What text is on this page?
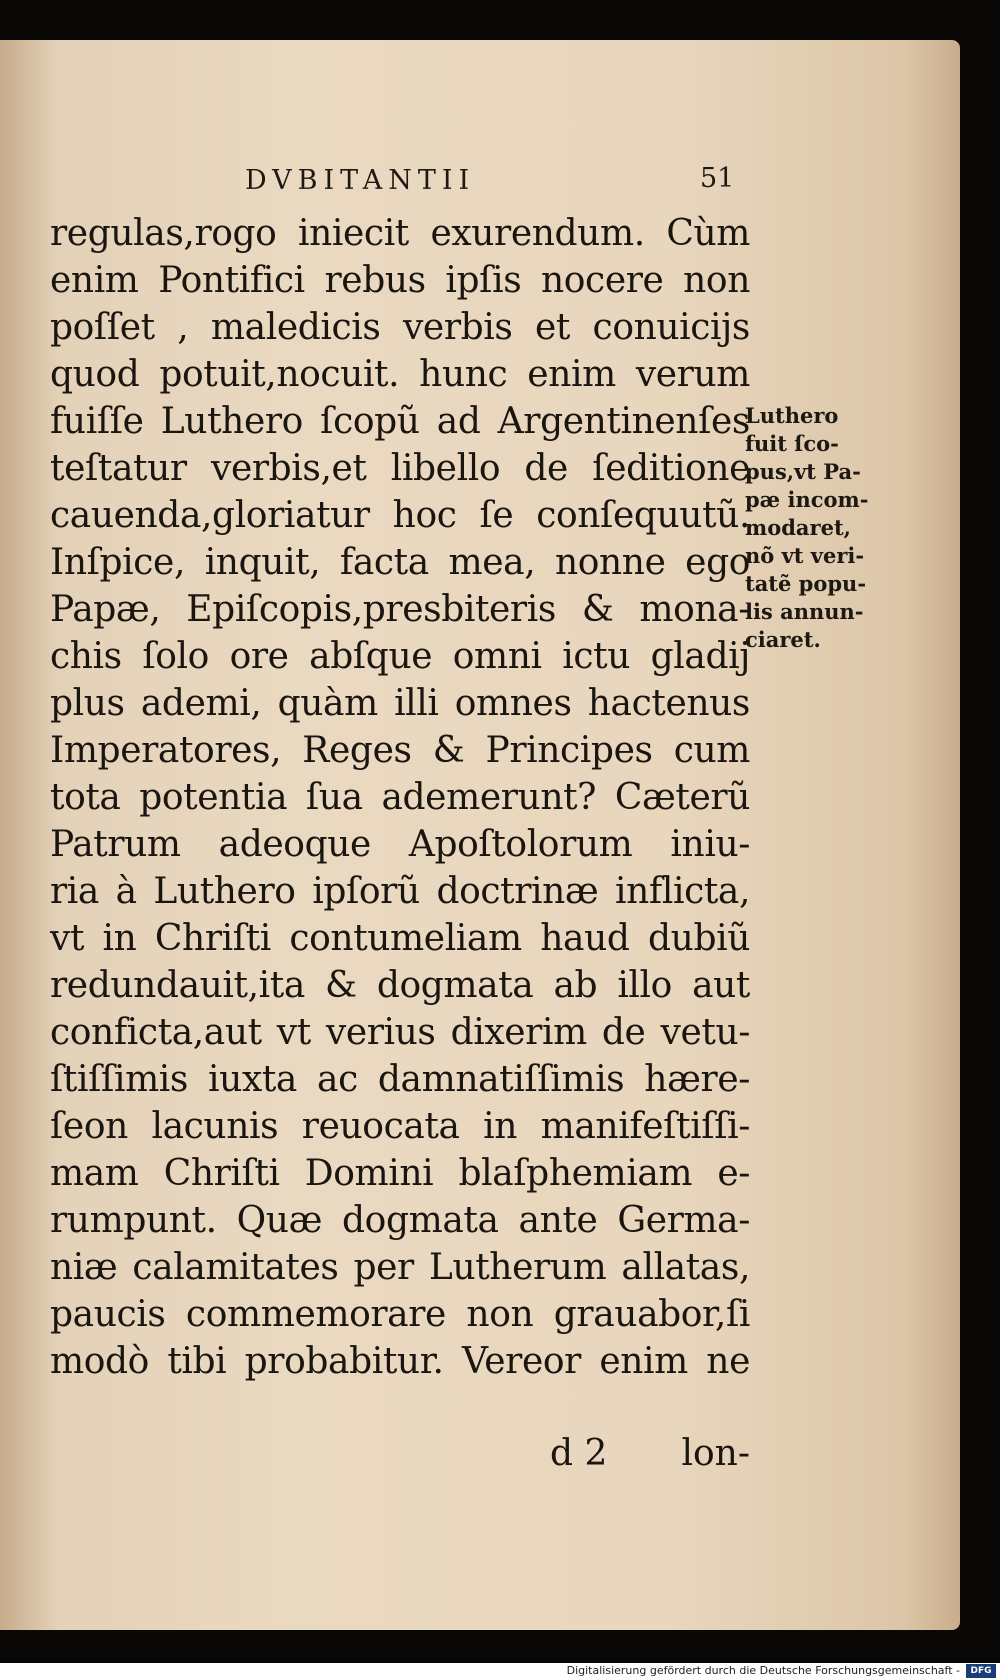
DVBITANTII	51
regulas,rogo iniecit exurendum. Cùm
enim Pontifici rebus ipſis nocere non
poſſet , maledicis verbis et conuicijs
quod potuit,nocuit. hunc enim verum
fuiſſe Luthero ſcopũ ad Argentinenſes
teſtatur verbis,et libello de ſeditione
cauenda,gloriatur hoc ſe conſequutũ.
Inſpice, inquit, facta mea, nonne ego
Papæ, Epiſcopis,presbiteris & mona-
chis ſolo ore abſque omni ictu gladij
plus ademi, quàm illi omnes hactenus
Imperatores, Reges & Principes cum
tota potentia ſua ademerunt? Cæterũ
Patrum adeoque Apoſtolorum iniu-
ria à Luthero ipſorũ doctrinæ inflicta,
vt in Chriſti contumeliam haud dubiũ
redundauit,ita & dogmata ab illo aut
conficta,aut vt verius dixerim de vetu-
ſtiſſimis iuxta ac damnatiſſimis hære-
ſeon lacunis reuocata in manifeſtiſſi-
mam Chriſti Domini blaſphemiam e-
rumpunt. Quæ dogmata ante Germa-
niæ calamitates per Lutherum allatas,
paucis commemorare non grauabor,ſi
modò tibi probabitur. Vereor enim ne
d 2 lon-
Luthero
fuit ſco-
pus,vt Pa-
pæ incom-
modaret,
nõ vt veri-
tatẽ popu-
lis annun-
ciaret.
Digitalisierung gefördert durch die Deutsche Forschungsgemeinschaft -	DFG
